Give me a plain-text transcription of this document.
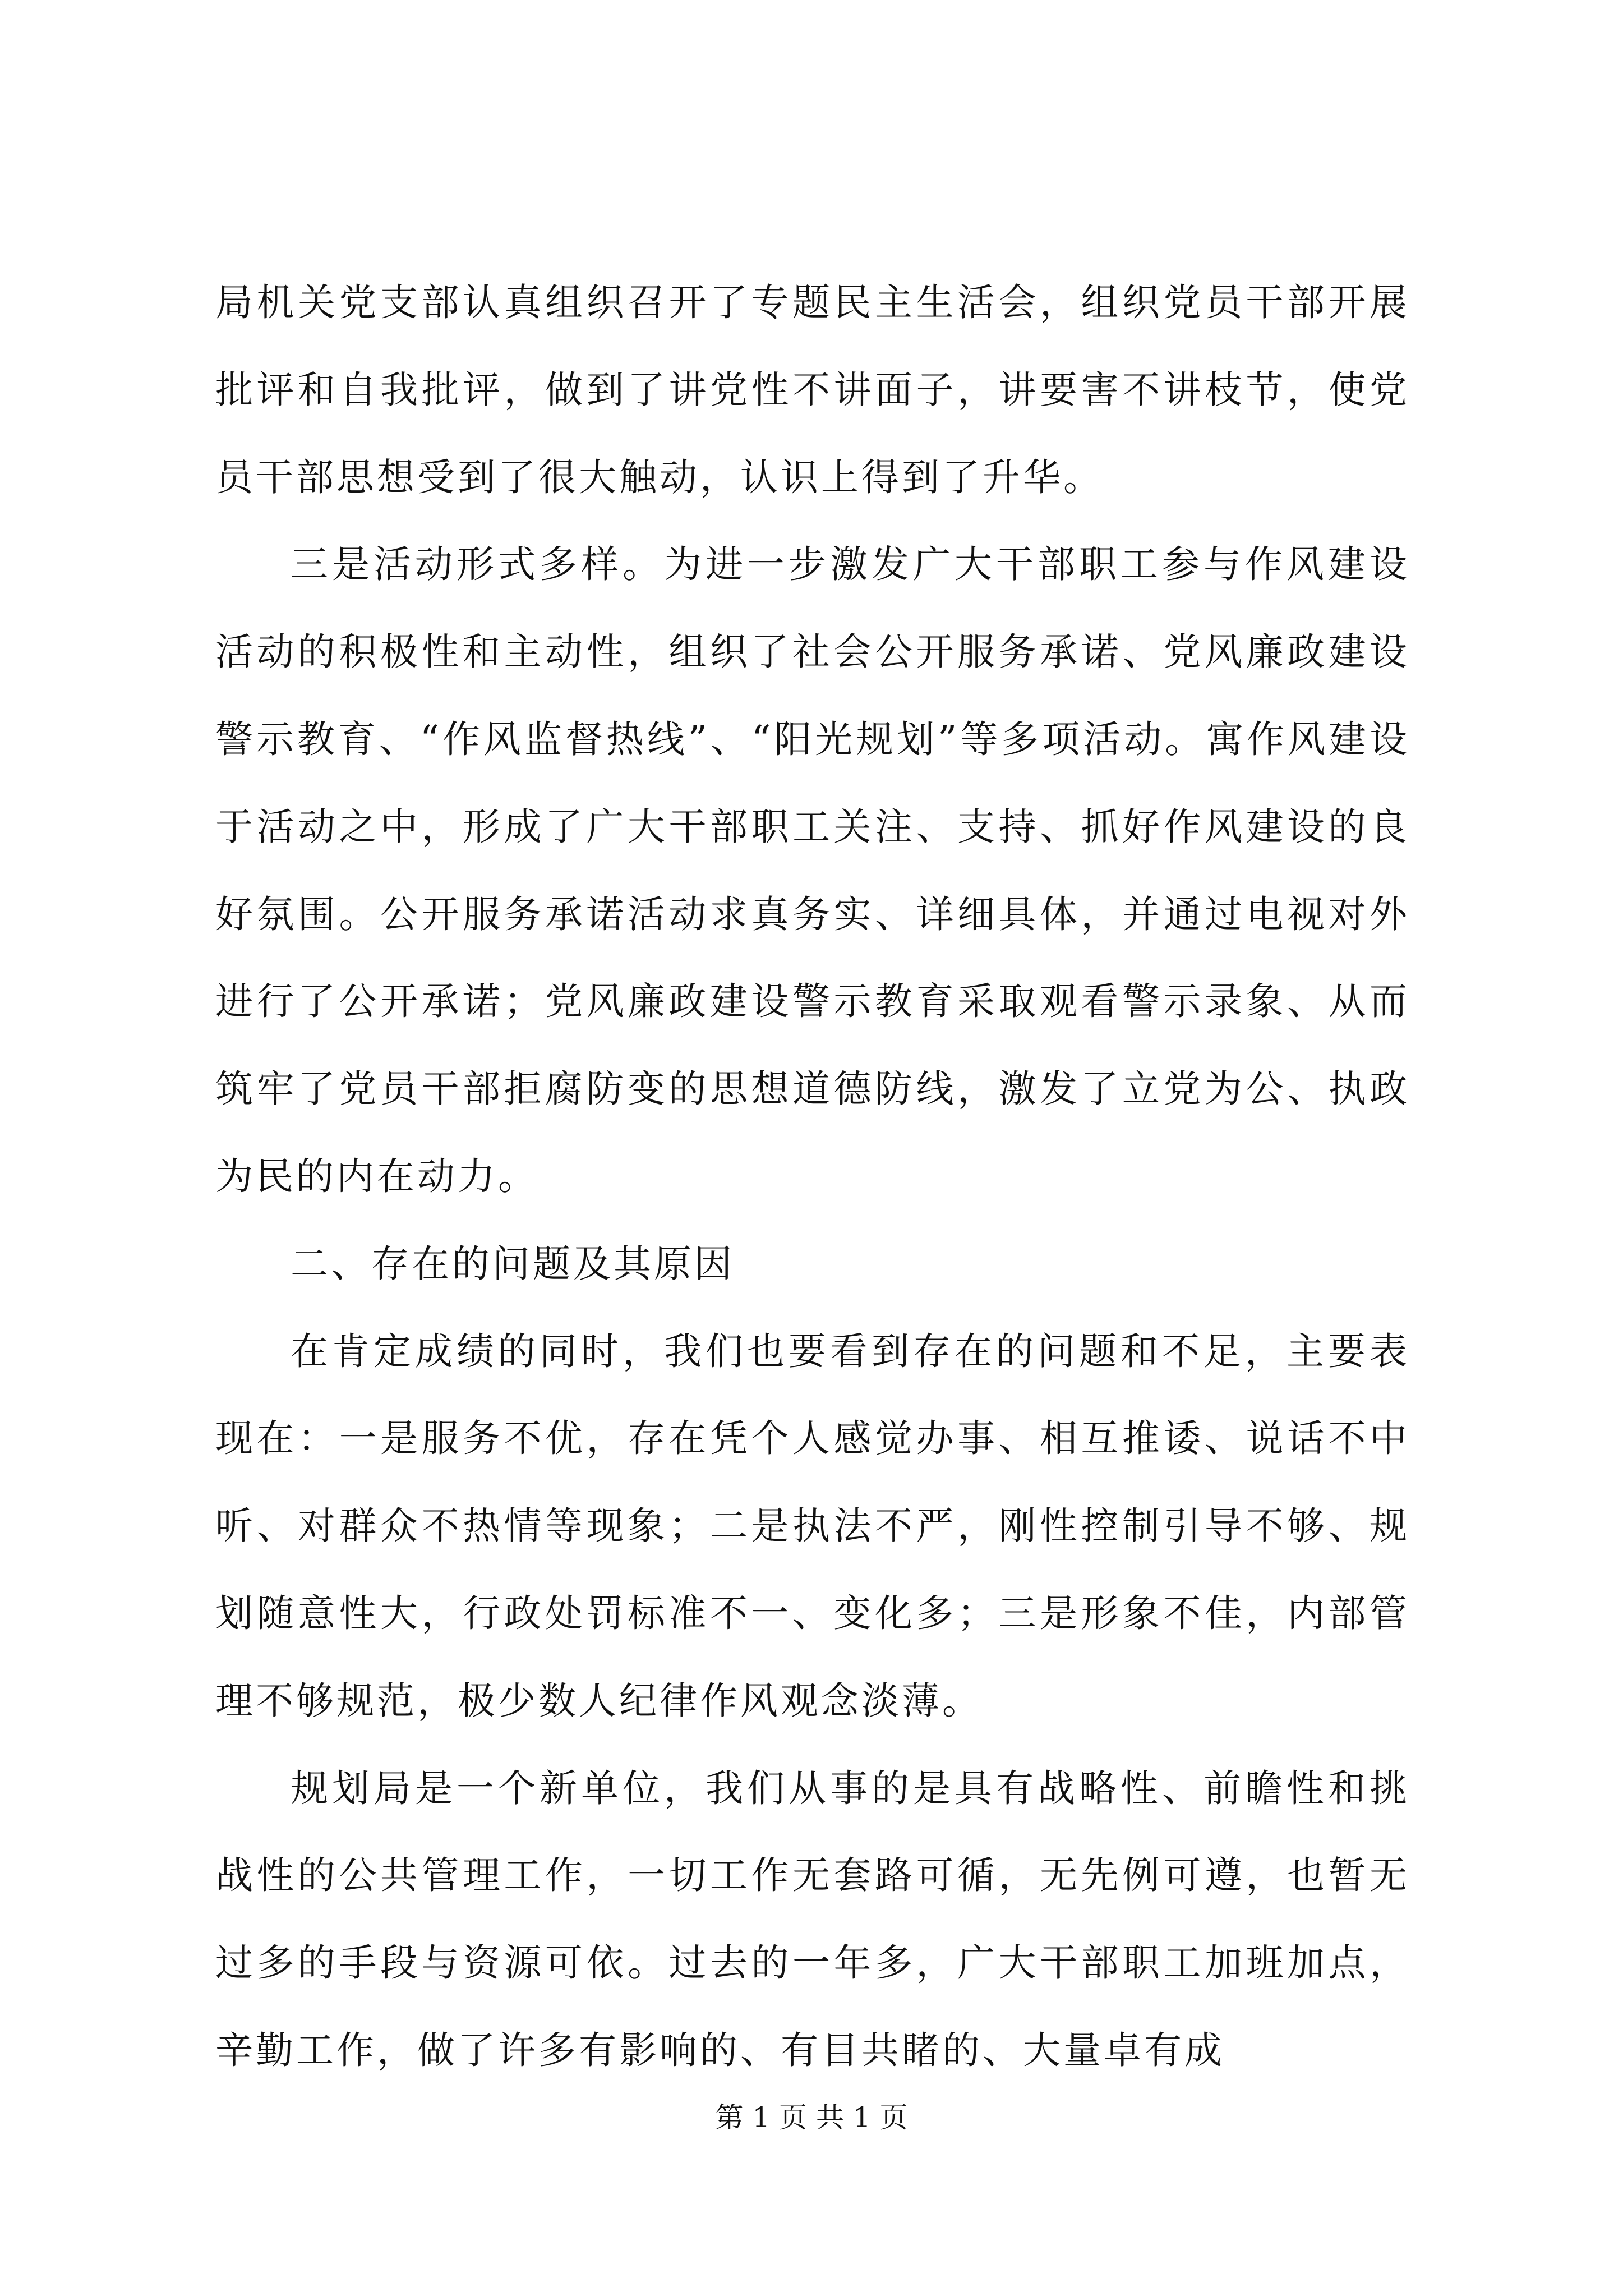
局机关党支部认真组织召开了专题民主生活会，组织党员干部开展批评和自我批评，做到了讲党性不讲面子，讲要害不讲枝节，使党员干部思想受到了很大触动，认识上得到了升华。

三是活动形式多样。为进一步激发广大干部职工参与作风建设活动的积极性和主动性，组织了社会公开服务承诺、党风廉政建设警示教育、“作风监督热线”、“阳光规划”等多项活动。寓作风建设于活动之中，形成了广大干部职工关注、支持、抓好作风建设的良好氛围。公开服务承诺活动求真务实、详细具体，并通过电视对外进行了公开承诺；党风廉政建设警示教育采取观看警示录象、从而筑牢了党员干部拒腐防变的思想道德防线，激发了立党为公、执政为民的内在动力。

二、存在的问题及其原因

在肯定成绩的同时，我们也要看到存在的问题和不足，主要表现在：一是服务不优，存在凭个人感觉办事、相互推诿、说话不中听、对群众不热情等现象；二是执法不严，刚性控制引导不够、规划随意性大，行政处罚标准不一、变化多；三是形象不佳，内部管理不够规范，极少数人纪律作风观念淡薄。

规划局是一个新单位，我们从事的是具有战略性、前瞻性和挑战性的公共管理工作，一切工作无套路可循，无先例可遵，也暂无过多的手段与资源可依。过去的一年多，广大干部职工加班加点，辛勤工作，做了许多有影响的、有目共睹的、大量卓有成

第 1 页 共 1 页
